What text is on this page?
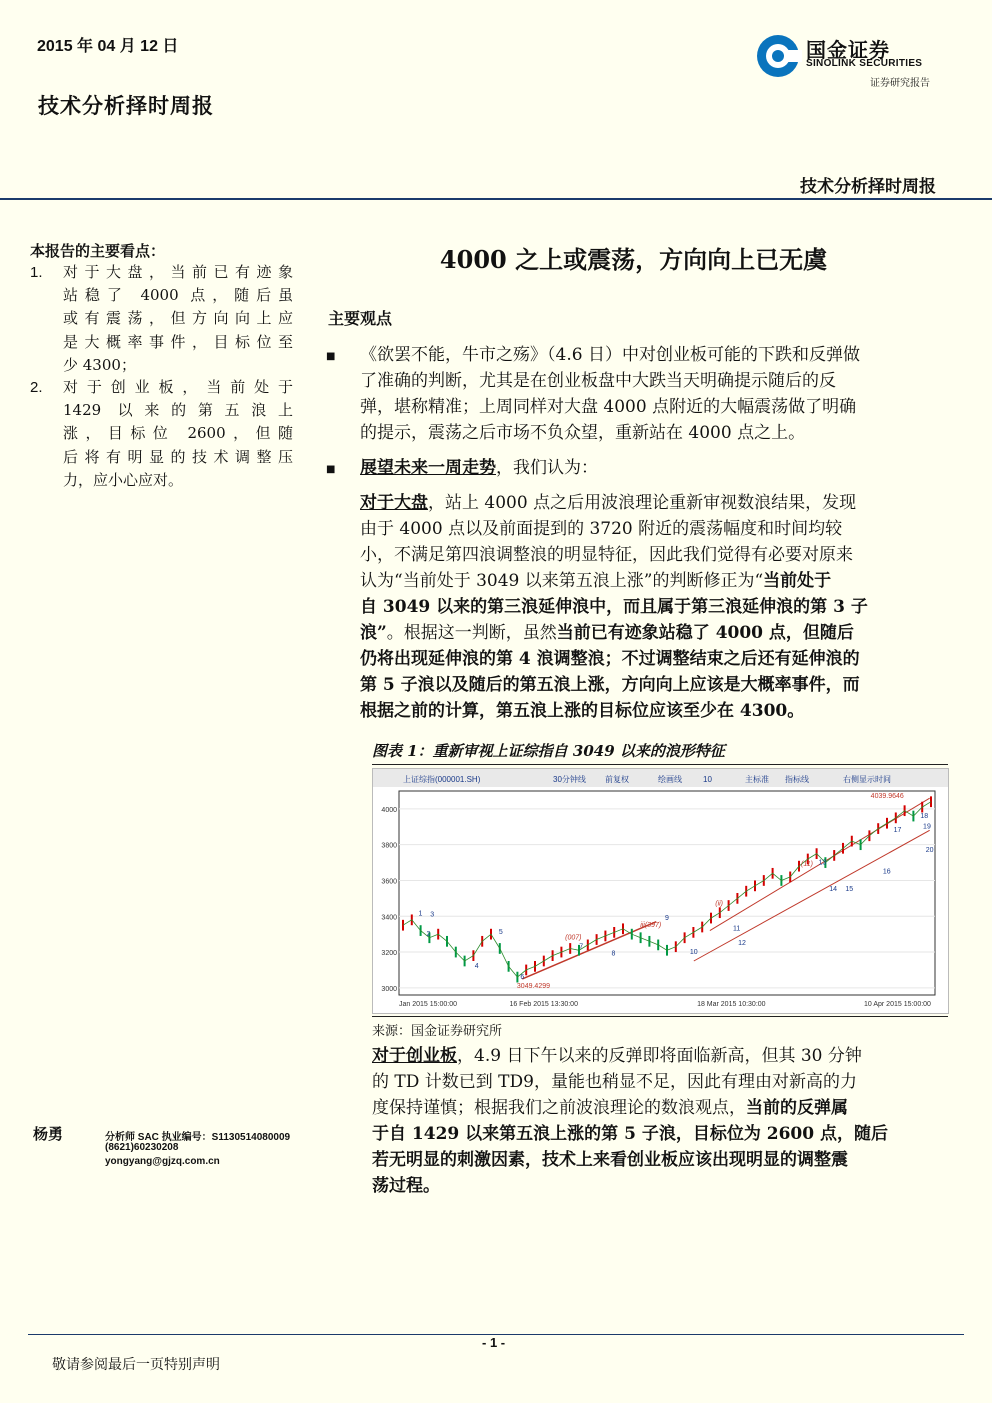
2015 年 04 月 12 日
技术分析择时周报
国金证券
SINOLINK SECURITIES
证券研究报告
技术分析择时周报
本报告的主要看点：
1. 对于大盘，当前已有迹象
站稳了 4000 点，随后虽
或有震荡，但方向向上应
是大概率事件，目标位至
少 4300；
2. 对于创业板，当前处于
1429 以来的第五浪上
涨，目标位 2600，但随
后将有明显的技术调整压
力，应小心应对。
4000 之上或震荡，方向向上已无虞
主要观点
■ 《欲罢不能，牛市之殇》（4.6 日）中对创业板可能的下跌和反弹做
了准确的判断，尤其是在创业板盘中大跌当天明确提示随后的反
弹，堪称精准；上周同样对大盘 4000 点附近的大幅震荡做了明确
的提示，震荡之后市场不负众望，重新站在 4000 点之上。
■ 展望未来一周走势，我们认为：
对于大盘，站上 4000 点之后用波浪理论重新审视数浪结果，发现
由于 4000 点以及前面提到的 3720 附近的震荡幅度和时间均较
小，不满足第四浪调整浪的明显特征，因此我们觉得有必要对原来
认为“当前处于 3049 以来第五浪上涨”的判断修正为“当前处于
自 3049 以来的第三浪延伸浪中，而且属于第三浪延伸浪的第 3 子
浪”。根据这一判断，虽然当前已有迹象站稳了 4000 点，但随后
仍将出现延伸浪的第 4 浪调整浪；不过调整结束之后还有延伸浪的
第 5 子浪以及随后的第五浪上涨，方向向上应该是大概率事件，而
根据之前的计算，第五浪上涨的目标位应该至少在 4300。
图表 1：重新审视上证综指自 3049 以来的浪形特征
上证综指(000001.SH)	30分钟线 前复权	绘画线	10	主标准 指标线	右侧显示时间
3000
3200
3400
3600
3800
4000
Jan 2015 15:00:00	16 Feb 2015 13:30:00	18 Mar 2015 10:30:00	10 Apr 2015 15:00:00
1 3
2
4
5
6
7
8
9
10
11
12
13
14 15
16
17
18
19
20
(007)
iii(397)
(ii)
(11)
3049.4299
4039.9646
来源：国金证券研究所
对于创业板，4.9 日下午以来的反弹即将面临新高，但其 30 分钟
的 TD 计数已到 TD9，量能也稍显不足，因此有理由对新高的力
度保持谨慎；根据我们之前波浪理论的数浪观点，当前的反弹属
于自 1429 以来第五浪上涨的第 5 子浪，目标位为 2600 点，随后
若无明显的刺激因素，技术上来看创业板应该出现明显的调整震
荡过程。
杨勇	分析师 SAC 执业编号：S1130514080009
(8621)60230208
yongyang@gjzq.com.cn
- 1 -
敬请参阅最后一页特别声明
